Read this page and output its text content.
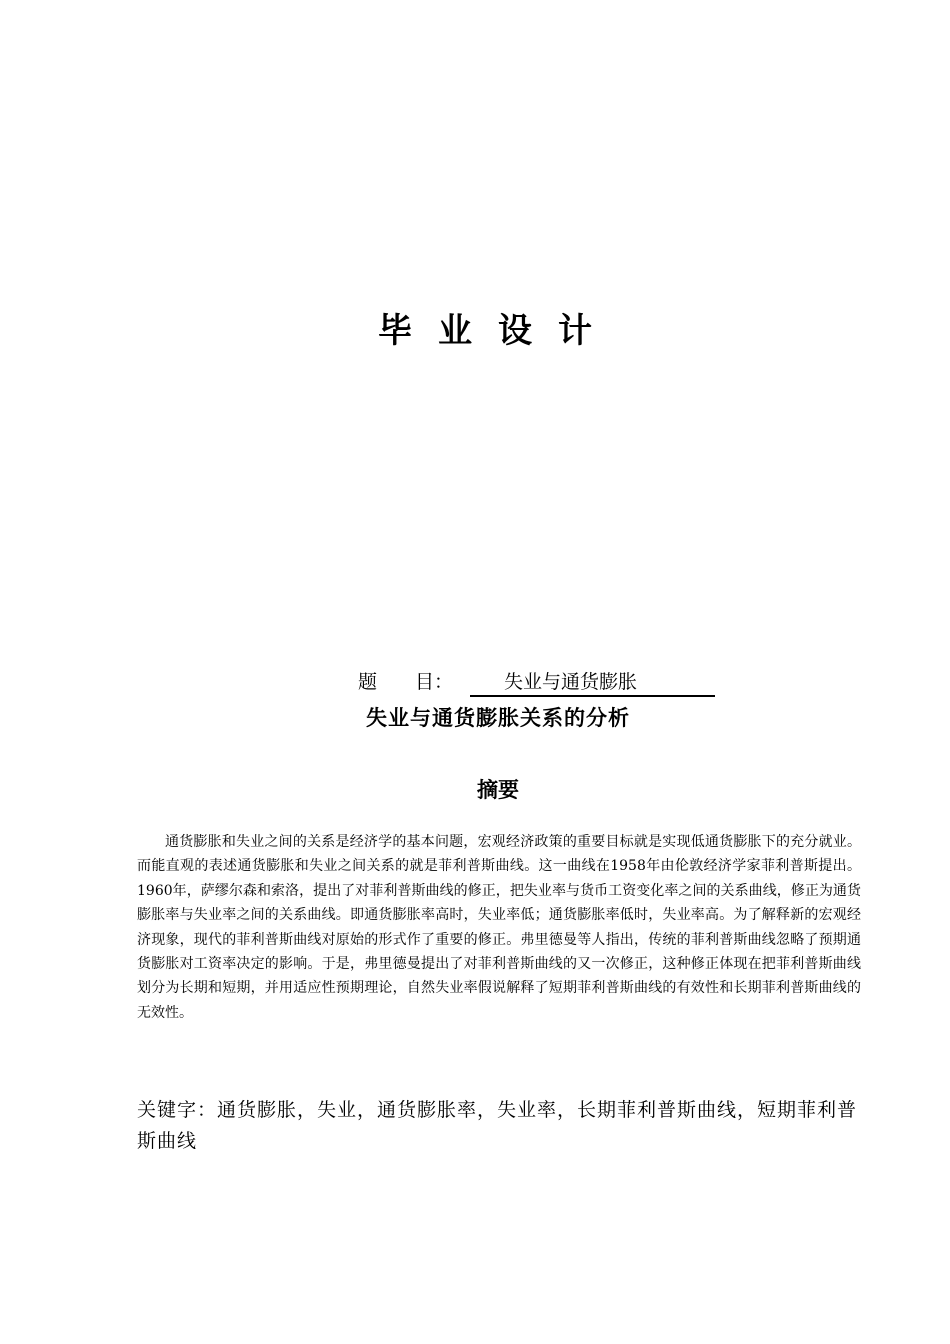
毕业设计
题　　目：	失业与通货膨胀
失业与通货膨胀关系的分析
摘要

通货膨胀和失业之间的关系是经济学的基本问题，宏观经济政策的重要目标就是实现低通货膨胀下的充分就业。而能直观的表述通货膨胀和失业之间关系的就是菲利普斯曲线。这一曲线在1958年由伦敦经济学家菲利普斯提出。1960年，萨缪尔森和索洛，提出了对菲利普斯曲线的修正，把失业率与货币工资变化率之间的关系曲线，修正为通货膨胀率与失业率之间的关系曲线。即通货膨胀率高时，失业率低；通货膨胀率低时，失业率高。为了解释新的宏观经济现象，现代的菲利普斯曲线对原始的形式作了重要的修正。弗里德曼等人指出，传统的菲利普斯曲线忽略了预期通货膨胀对工资率决定的影响。于是，弗里德曼提出了对菲利普斯曲线的又一次修正，这种修正体现在把菲利普斯曲线划分为长期和短期，并用适应性预期理论，自然失业率假说解释了短期菲利普斯曲线的有效性和长期菲利普斯曲线的无效性。

关键字：通货膨胀，失业，通货膨胀率，失业率，长期菲利普斯曲线，短期菲利普斯曲线
